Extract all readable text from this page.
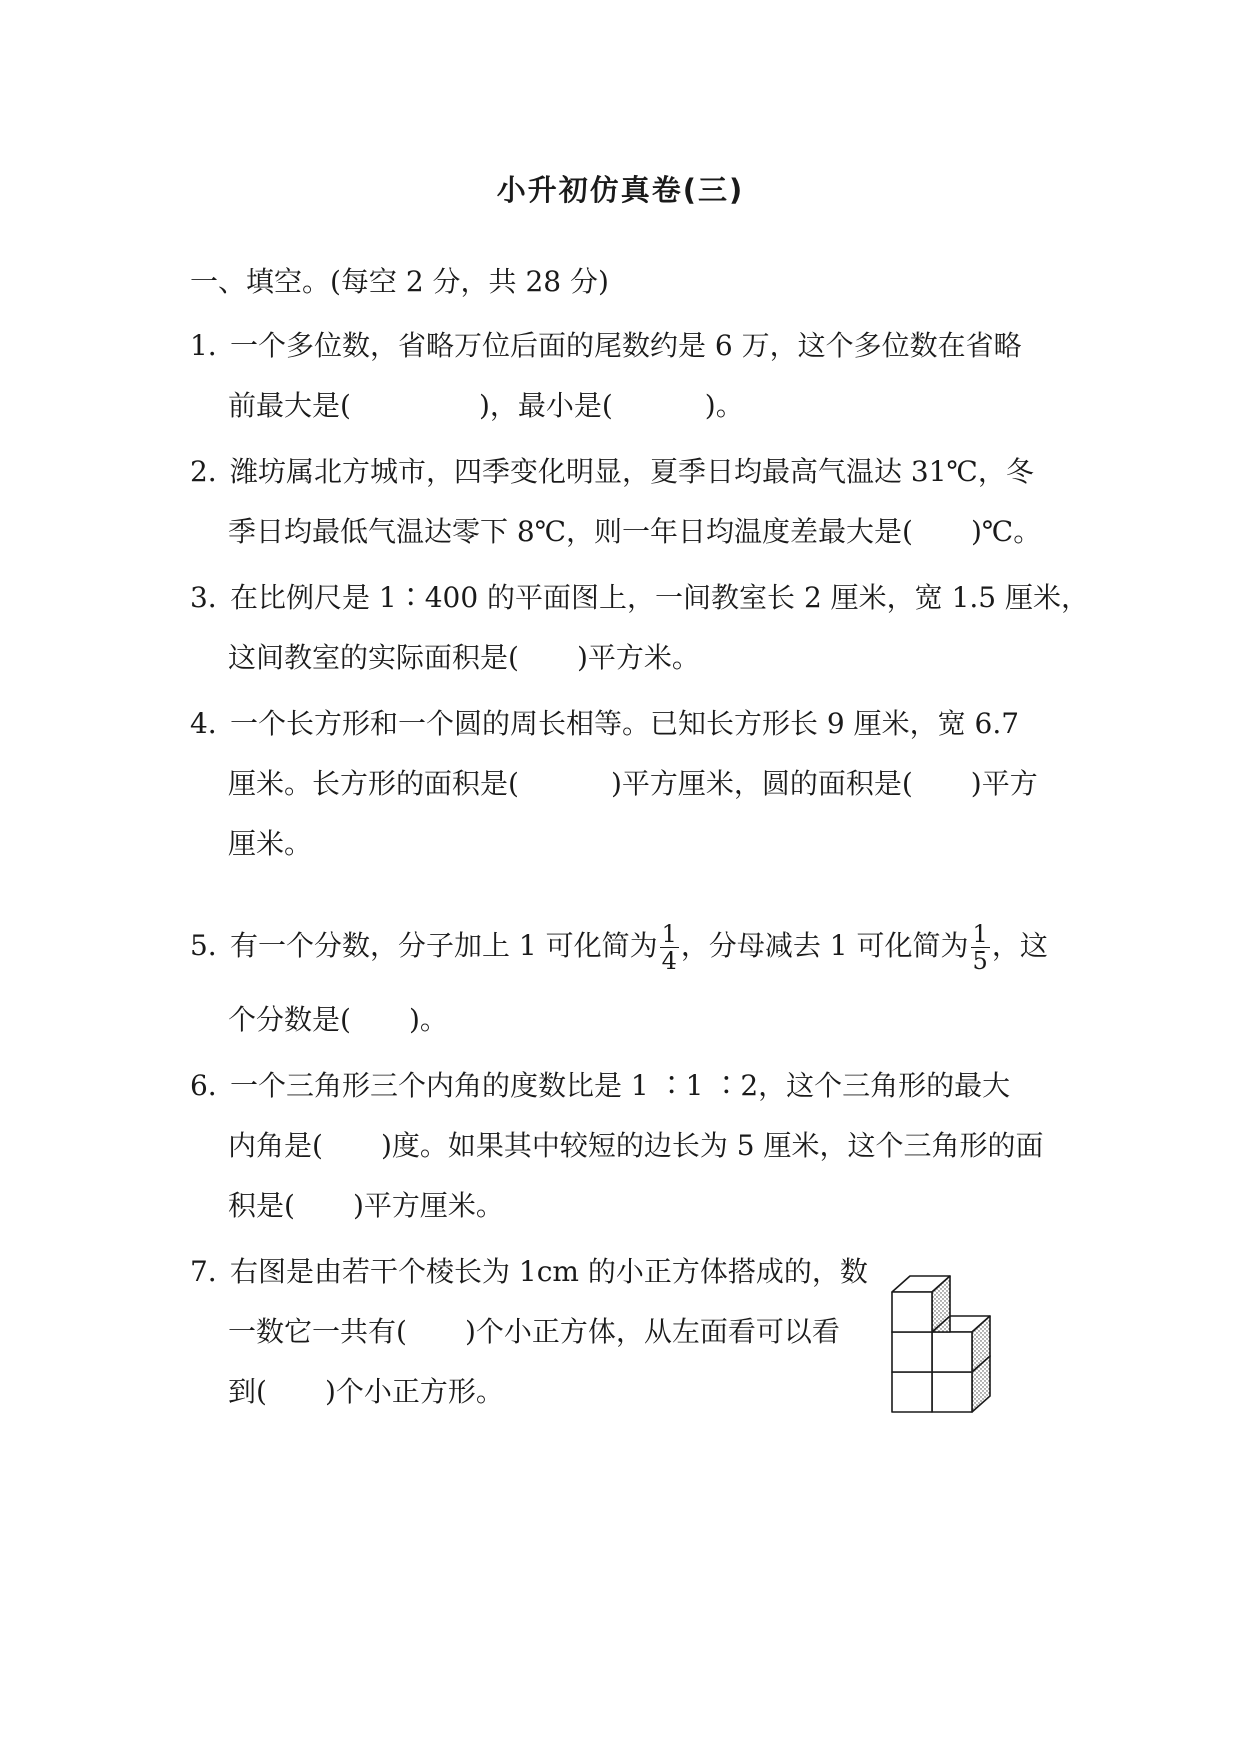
小升初仿真卷(三)
一、填空。(每空 2 分，共 28 分)
1．一个多位数，省略万位后面的尾数约是 6 万，这个多位数在省略
前最大是(	)，最小是(	)。
2．潍坊属北方城市，四季变化明显，夏季日均最高气温达 31℃，冬
季日均最低气温达零下 8℃，则一年日均温度差最大是( )℃。
3．在比例尺是 1∶400 的平面图上，一间教室长 2 厘米，宽 1.5 厘米，
这间教室的实际面积是( )平方米。
4．一个长方形和一个圆的周长相等。已知长方形长 9 厘米，宽 6.7
厘米。长方形的面积是(	)平方厘米，圆的面积是( )平方
厘米。
5．有一个分数，分子加上 1 可化简为 $\frac{1}{4}$ ，分母减去 1 可化简为 $\frac{1}{5}$ ，这
个分数是( )。
6．一个三角形三个内角的度数比是 1 ∶1 ∶2，这个三角形的最大
内角是( )度。如果其中较短的边长为 5 厘米，这个三角形的面
积是( )平方厘米。
7．右图是由若干个棱长为 1cm 的小正方体搭成的，数
一数它一共有( )个小正方体，从左面看可以看
到( )个小正方形。
